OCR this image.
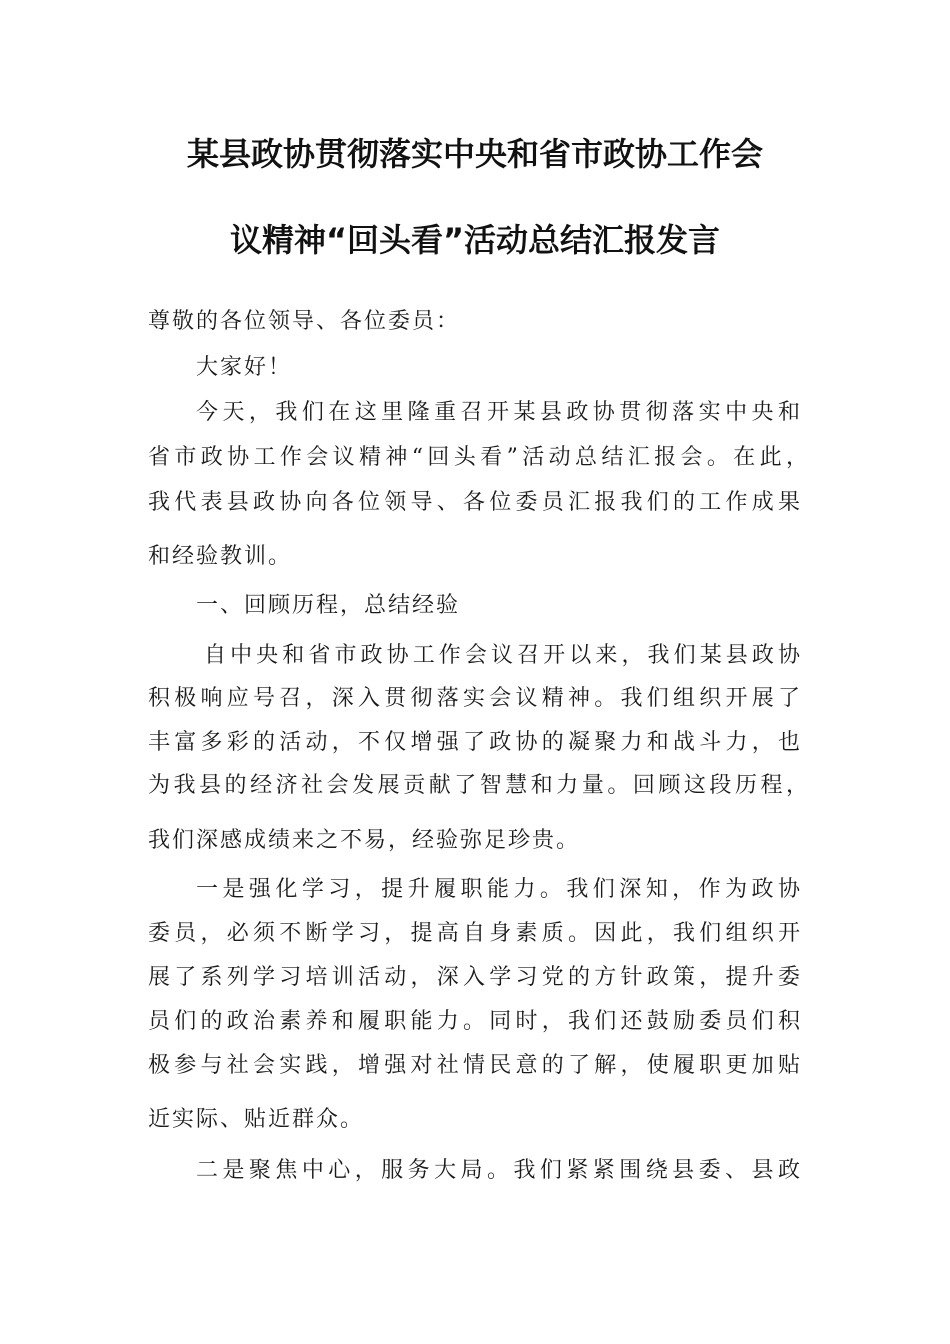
某县政协贯彻落实中央和省市政协工作会
议精神“回头看”活动总结汇报发言

尊敬的各位领导、各位委员：

大家好！

今天，我们在这里隆重召开某县政协贯彻落实中央和

省市政协工作会议精神“回头看”活动总结汇报会。在此，

我代表县政协向各位领导、各位委员汇报我们的工作成果

和经验教训。

一、回顾历程，总结经验

自中央和省市政协工作会议召开以来，我们某县政协

积极响应号召，深入贯彻落实会议精神。我们组织开展了

丰富多彩的活动，不仅增强了政协的凝聚力和战斗力，也

为我县的经济社会发展贡献了智慧和力量。回顾这段历程，

我们深感成绩来之不易，经验弥足珍贵。

一是强化学习，提升履职能力。我们深知，作为政协

委员，必须不断学习，提高自身素质。因此，我们组织开

展了系列学习培训活动，深入学习党的方针政策，提升委

员们的政治素养和履职能力。同时，我们还鼓励委员们积

极参与社会实践，增强对社情民意的了解，使履职更加贴

近实际、贴近群众。

二是聚焦中心，服务大局。我们紧紧围绕县委、县政
